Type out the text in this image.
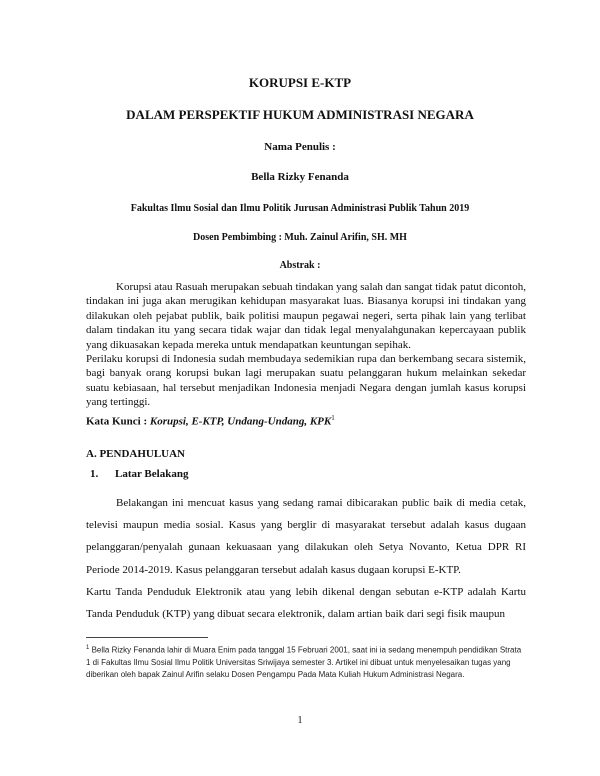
KORUPSI E-KTP
DALAM PERSPEKTIF HUKUM ADMINISTRASI NEGARA
Nama Penulis :
Bella Rizky Fenanda
Fakultas Ilmu Sosial dan Ilmu Politik Jurusan Administrasi Publik Tahun 2019
Dosen Pembimbing : Muh. Zainul Arifin, SH. MH
Abstrak :

Korupsi atau Rasuah merupakan sebuah tindakan yang salah dan sangat tidak patut dicontoh, tindakan ini juga akan merugikan kehidupan masyarakat luas. Biasanya korupsi ini tindakan yang dilakukan oleh pejabat publik, baik politisi maupun pegawai negeri, serta pihak lain yang terlibat dalam tindakan itu yang secara tidak wajar dan tidak legal menyalahgunakan kepercayaan publik yang dikuasakan kepada mereka untuk mendapatkan keuntungan sepihak.

Perilaku korupsi di Indonesia sudah membudaya sedemikian rupa dan berkembang secara sistemik, bagi banyak orang korupsi bukan lagi merupakan suatu pelanggaran hukum melainkan sekedar suatu kebiasaan, hal tersebut menjadikan Indonesia menjadi Negara dengan jumlah kasus korupsi yang tertinggi.

Kata Kunci : Korupsi, E-KTP, Undang-Undang, KPK$^1$
A. PENDAHULUAN
1. Latar Belakang

Belakangan ini mencuat kasus yang sedang ramai dibicarakan public baik di media cetak, televisi maupun media sosial. Kasus yang berglir di masyarakat tersebut adalah kasus dugaan pelanggaran/penyalah gunaan kekuasaan yang dilakukan oleh Setya Novanto, Ketua DPR RI Periode 2014-2019. Kasus pelanggaran tersebut adalah kasus dugaan korupsi E-KTP.

Kartu Tanda Penduduk Elektronik atau yang lebih dikenal dengan sebutan e-KTP adalah Kartu Tanda Penduduk (KTP) yang dibuat secara elektronik, dalam artian baik dari segi fisik maupun

$^1$ Bella Rizky Fenanda lahir di Muara Enim pada tanggal 15 Februari 2001, saat ini ia sedang menempuh pendidikan Strata 1 di Fakultas Ilmu Sosial Ilmu Politik Universitas Sriwijaya semester 3. Artikel ini dibuat untuk menyelesaikan tugas yang diberikan oleh bapak Zainul Arifin selaku Dosen Pengampu Pada Mata Kuliah Hukum Administrasi Negara.
1
